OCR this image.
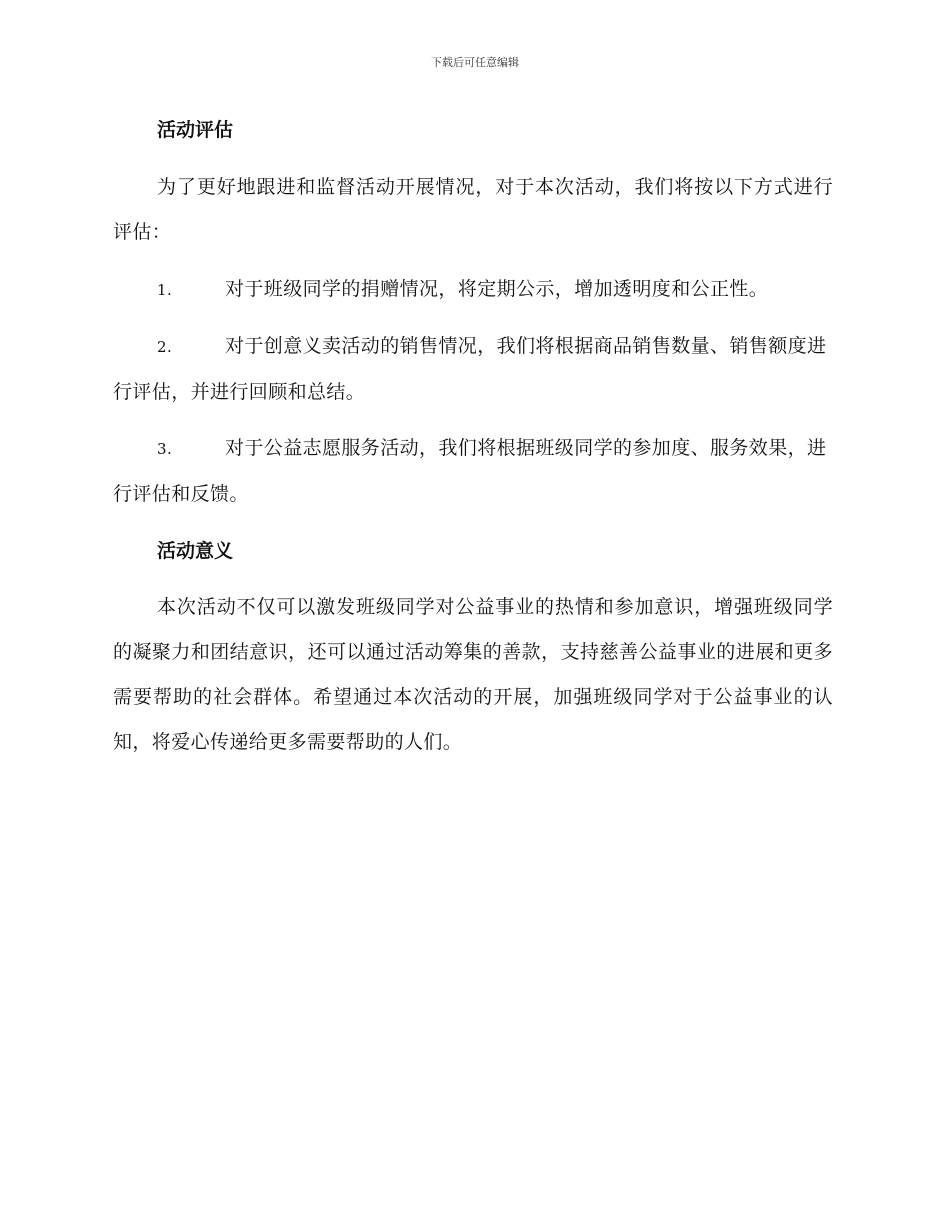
下载后可任意编辑
活动评估
为了更好地跟进和监督活动开展情况，对于本次活动，我们将按以下方式进行评估：
1.	对于班级同学的捐赠情况，将定期公示，增加透明度和公正性。
2.	对于创意义卖活动的销售情况，我们将根据商品销售数量、销售额度进行评估，并进行回顾和总结。
3.	对于公益志愿服务活动，我们将根据班级同学的参加度、服务效果，进行评估和反馈。
活动意义
本次活动不仅可以激发班级同学对公益事业的热情和参加意识，增强班级同学的凝聚力和团结意识，还可以通过活动筹集的善款，支持慈善公益事业的进展和更多需要帮助的社会群体。希望通过本次活动的开展，加强班级同学对于公益事业的认知，将爱心传递给更多需要帮助的人们。
